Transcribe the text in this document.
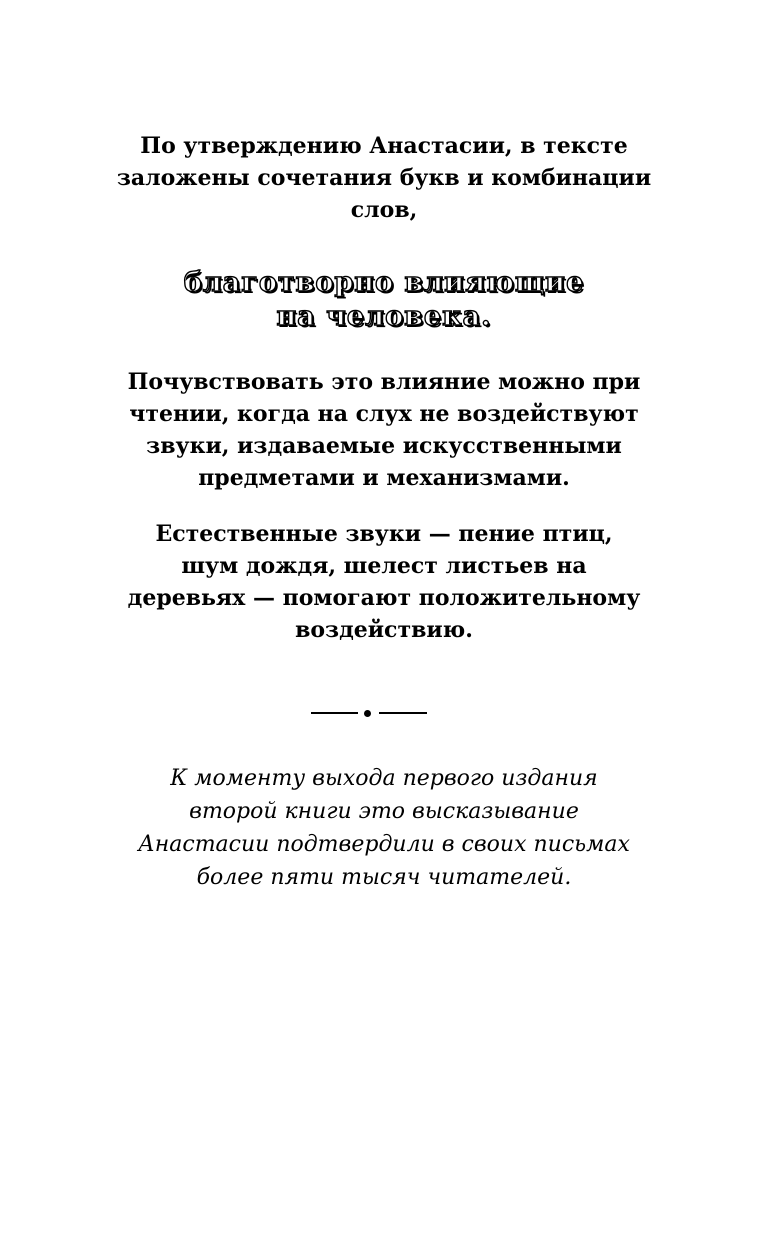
По утверждению Анастасии, в тексте
заложены сочетания букв и комбинации
слов,
благотворно влияющие
на человека.
Почувствовать это влияние можно при
чтении, когда на слух не воздействуют
звуки, издаваемые искусственными
предметами и механизмами.
Естественные звуки — пение птиц,
шум дождя, шелест листьев на
деревьях — помогают положительному
воздействию.
К моменту выхода первого издания
второй книги это высказывание
Анастасии подтвердили в своих письмах
более пяти тысяч читателей.
